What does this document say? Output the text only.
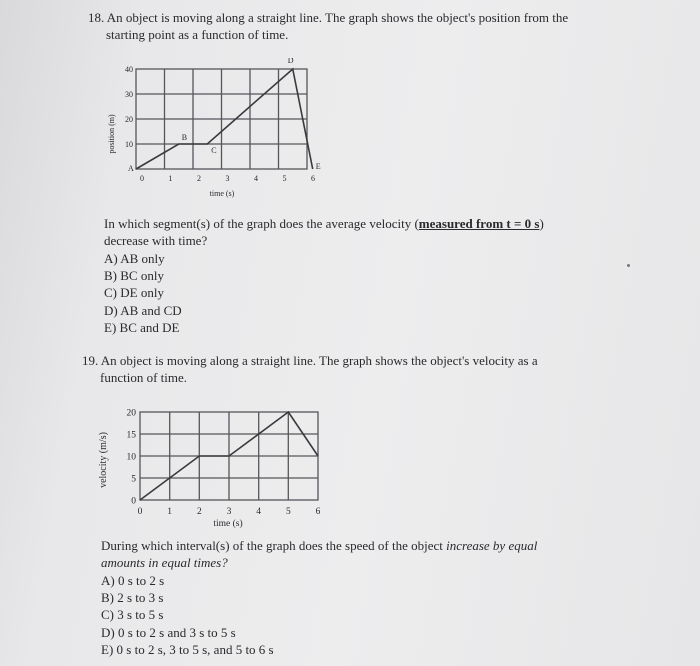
18. An object is moving along a straight line. The graph shows the object's position from the
starting point as a function of time.
position (m)
40
30
20
10
0	1	2	3	4	5	6
A
B
C
D
E
time (s)
In which segment(s) of the graph does the average velocity (measured from t = 0 s)
decrease with time?
A) AB only
B) BC only
C) DE only
D) AB and CD
E) BC and DE
19. An object is moving along a straight line. The graph shows the object's velocity as a
function of time.
velocity (m/s)
20
15
10
5
0
0	1	2	3	4	5	6
time (s)
During which interval(s) of the graph does the speed of the object increase by equal
amounts in equal times?
A) 0 s to 2 s
B) 2 s to 3 s
C) 3 s to 5 s
D) 0 s to 2 s and 3 s to 5 s
E) 0 s to 2 s, 3 to 5 s, and 5 to 6 s
